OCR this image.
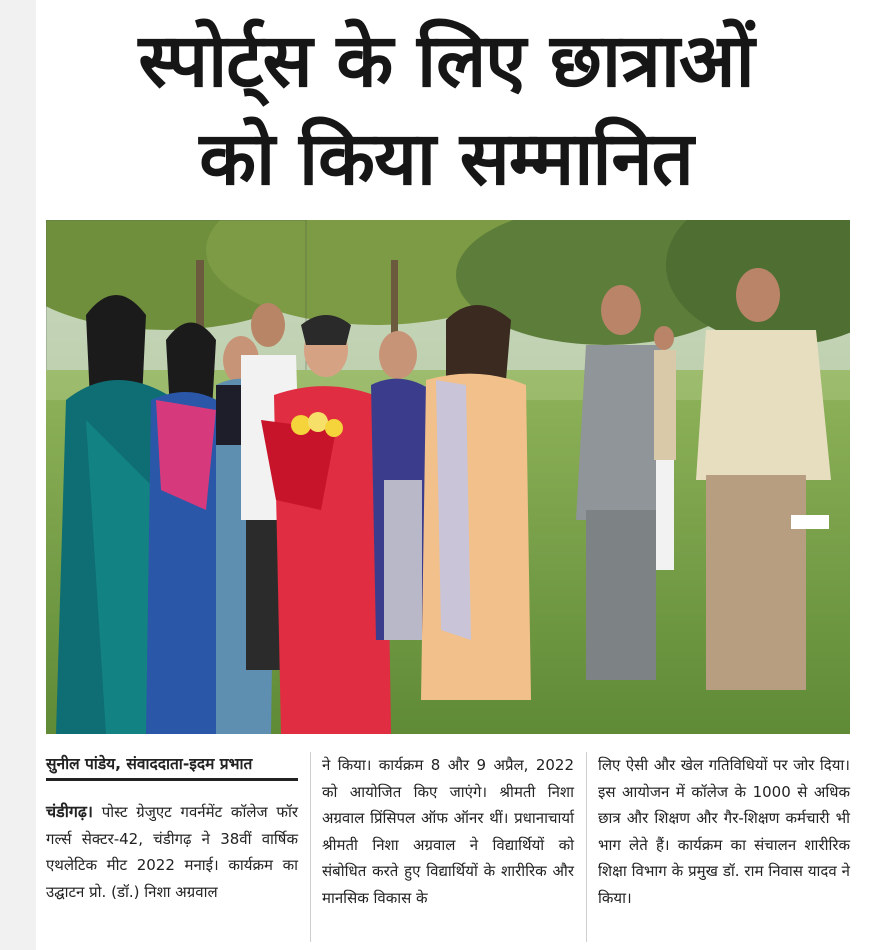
स्पोर्ट्स के लिए छात्राओं
को किया सम्मानित
सुनील पांडेय, संवाददाता-इदम प्रभात
चंडीगढ़। पोस्ट ग्रेजुएट गवर्नमेंट कॉलेज फॉर गर्ल्स सेक्टर-42, चंडीगढ़ ने 38वीं वार्षिक एथलेटिक मीट 2022 मनाई। कार्यक्रम का उद्घाटन प्रो. (डॉ.) निशा अग्रवाल
ने किया। कार्यक्रम 8 और 9 अप्रैल, 2022 को आयोजित किए जाएंगे। श्रीमती निशा अग्रवाल प्रिंसिपल ऑफ ऑनर थीं। प्रधानाचार्या श्रीमती निशा अग्रवाल ने विद्यार्थियों को संबोधित करते हुए विद्यार्थियों के शारीरिक और मानसिक विकास के
लिए ऐसी और खेल गतिविधियों पर जोर दिया। इस आयोजन में कॉलेज के 1000 से अधिक छात्र और शिक्षण और गैर-शिक्षण कर्मचारी भी भाग लेते हैं। कार्यक्रम का संचालन शारीरिक शिक्षा विभाग के प्रमुख डॉ. राम निवास यादव ने किया।
